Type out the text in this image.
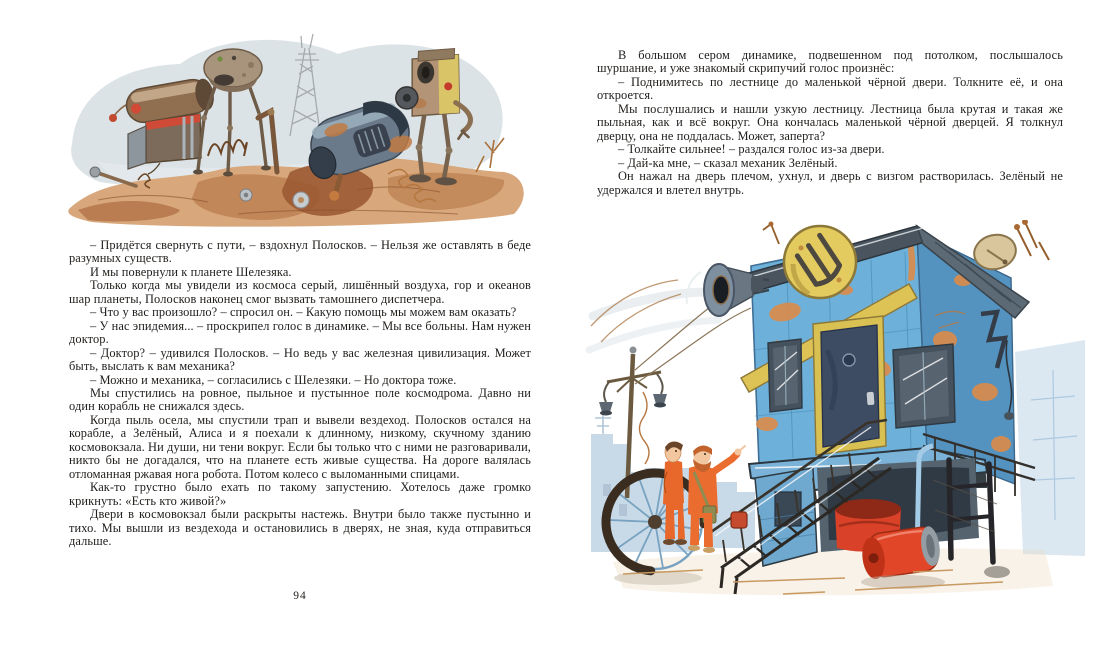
– Придётся свернуть с пути, – вздохнул Полосков. – Нельзя же оставлять в беде разумных существ.

И мы повернули к планете Шелезяка.

Только когда мы увидели из космоса серый, лишённый воздуха, гор и океанов шар планеты, Полосков наконец смог вызвать тамошнего диспетчера.

– Что у вас произошло? – спросил он. – Какую помощь мы можем вам оказать?

– У нас эпидемия... – проскрипел голос в динамике. – Мы все больны. Нам нужен доктор.

– Доктор? – удивился Полосков. – Но ведь у вас железная цивилизация. Может быть, выслать к вам механика?

– Можно и механика, – согласились с Шелезяки. – Но доктора тоже.

Мы спустились на ровное, пыльное и пустынное поле космодрома. Давно ни один корабль не снижался здесь.

Когда пыль осела, мы спустили трап и вывели вездеход. Полосков остался на корабле, а Зелёный, Алиса и я поехали к длинному, низкому, скучному зданию космовокзала. Ни души, ни тени вокруг. Если бы только что с ними не разговаривали, никто бы не догадался, что на планете есть живые существа. На дороге валялась отломанная ржавая нога робота. Потом колесо с выломанными спицами.

Как-то грустно было ехать по такому запустению. Хотелось даже громко крикнуть: «Есть кто живой?»

Двери в космовокзал были раскрыты настежь. Внутри было также пустынно и тихо. Мы вышли из вездехода и остановились в дверях, не зная, куда отправиться дальше.

94

В большом сером динамике, подвешенном под потолком, послышалось шуршание, и уже знакомый скрипучий голос произнёс:

– Поднимитесь по лестнице до маленькой чёрной двери. Толкните её, и она откроется.

Мы послушались и нашли узкую лестницу. Лестница была крутая и такая же пыльная, как и всё вокруг. Она кончалась маленькой чёрной дверцей. Я толкнул дверцу, она не поддалась. Может, заперта?

– Толкайте сильнее! – раздался голос из-за двери.

– Дай-ка мне, – сказал механик Зелёный.

Он нажал на дверь плечом, ухнул, и дверь с визгом растворилась. Зелёный не удержался и влетел внутрь.
